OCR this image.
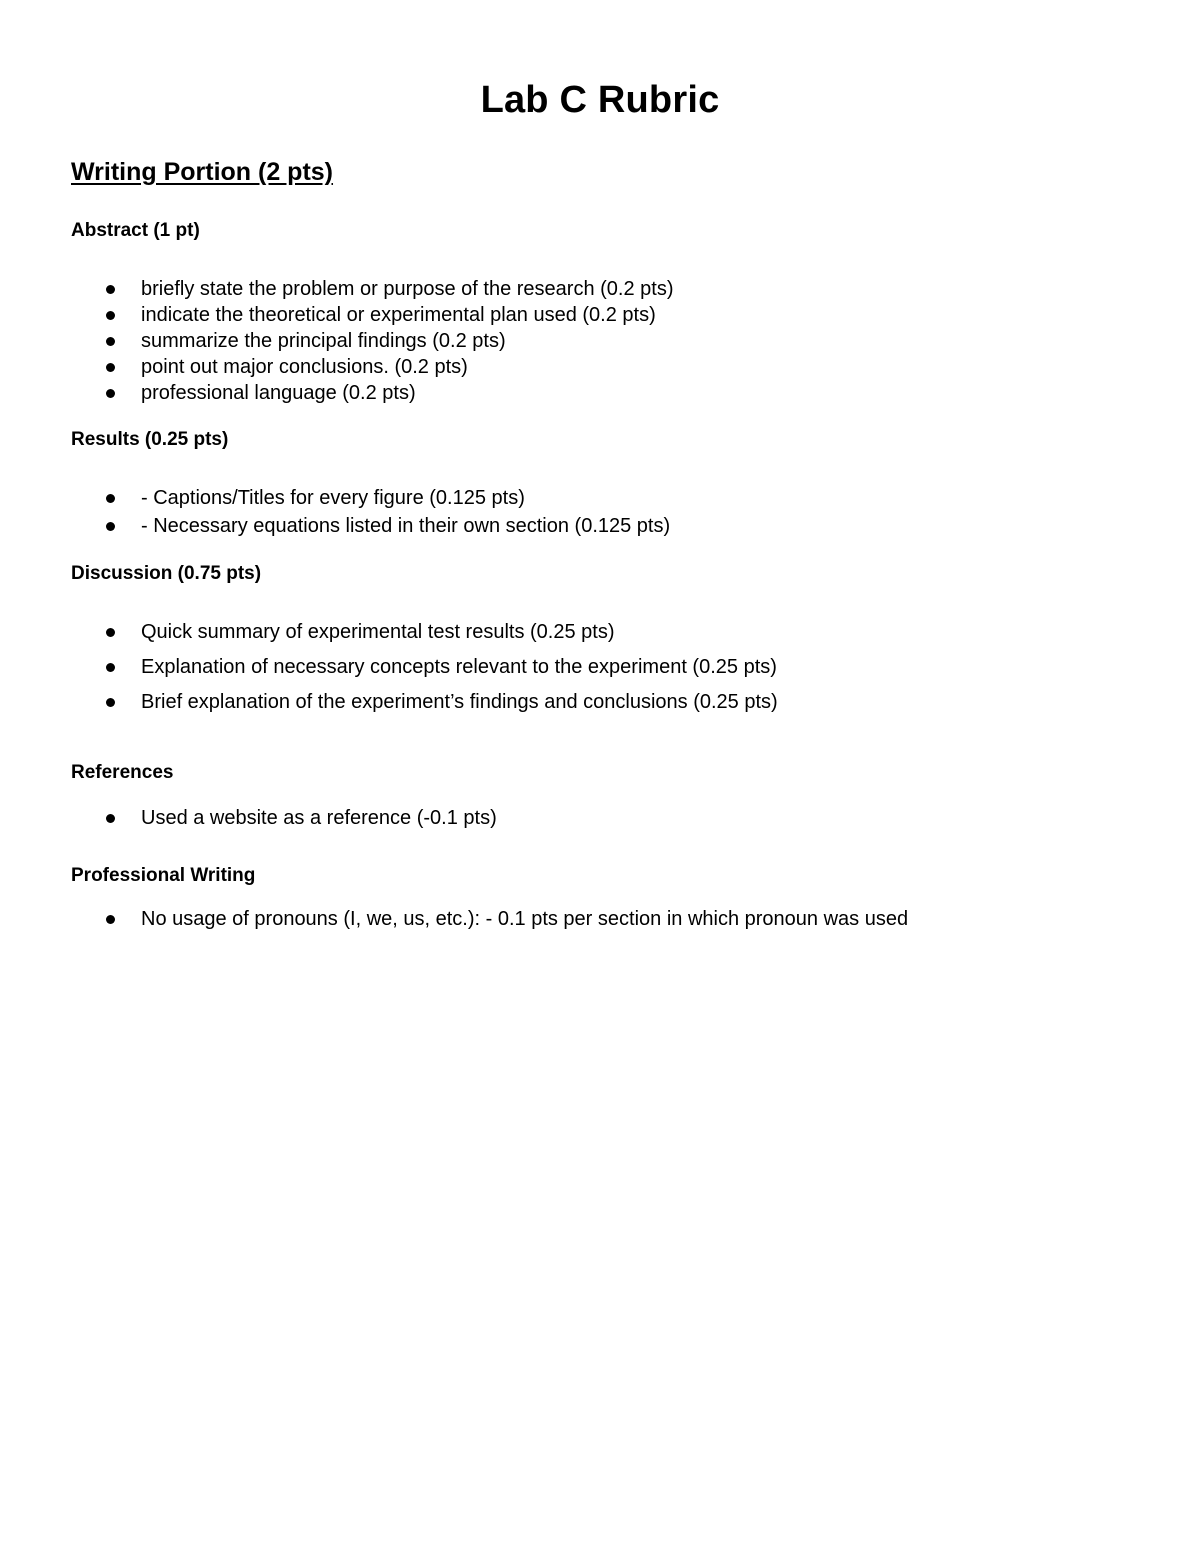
Lab C Rubric
Writing Portion (2 pts)
Abstract (1 pt)
briefly state the problem or purpose of the research (0.2 pts)
indicate the theoretical or experimental plan used (0.2 pts)
summarize the principal findings (0.2 pts)
point out major conclusions. (0.2 pts)
professional language (0.2 pts)
Results (0.25 pts)
- Captions/Titles for every figure (0.125 pts)
- Necessary equations listed in their own section (0.125 pts)
Discussion (0.75 pts)
Quick summary of experimental test results (0.25 pts)
Explanation of necessary concepts relevant to the experiment (0.25 pts)
Brief explanation of the experiment’s findings and conclusions (0.25 pts)
References
Used a website as a reference (-0.1 pts)
Professional Writing
No usage of pronouns (I, we, us, etc.): - 0.1 pts per section in which pronoun was used
